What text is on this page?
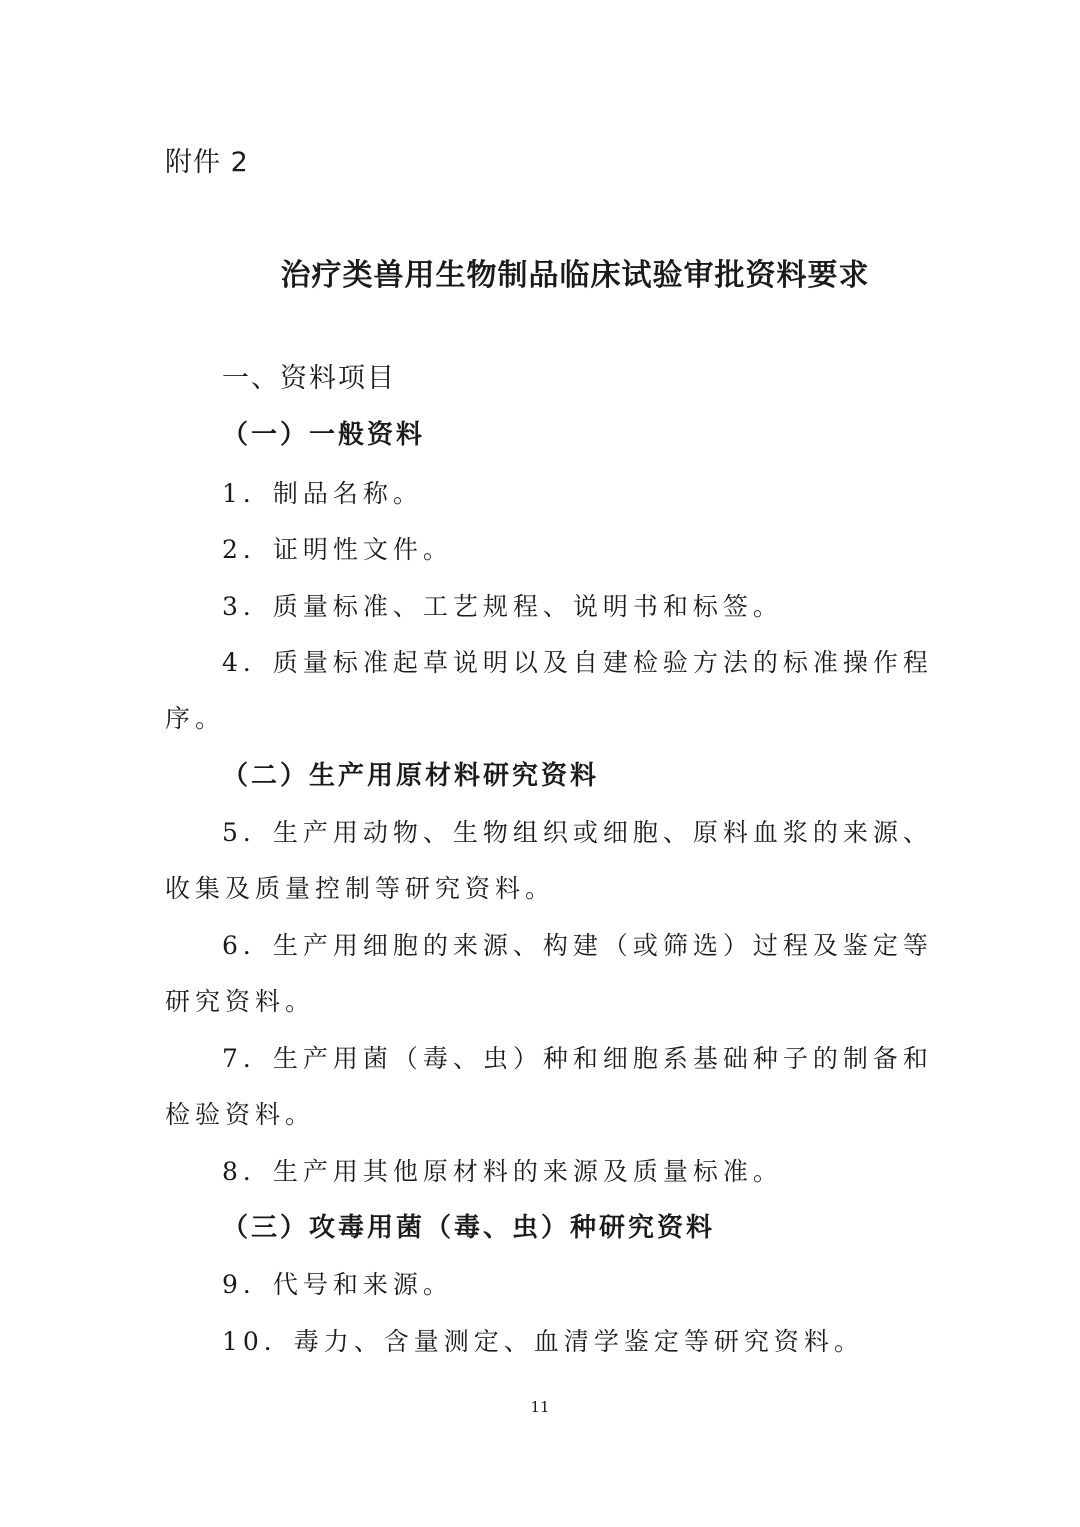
附件 2
治疗类兽用生物制品临床试验审批资料要求
一、资料项目
（一）一般资料
1．制品名称。
2．证明性文件。
3．质量标准、工艺规程、说明书和标签。
4．质量标准起草说明以及自建检验方法的标准操作程
序。
（二）生产用原材料研究资料
5．生产用动物、生物组织或细胞、原料血浆的来源、
收集及质量控制等研究资料。
6．生产用细胞的来源、构建（或筛选）过程及鉴定等
研究资料。
7．生产用菌（毒、虫）种和细胞系基础种子的制备和
检验资料。
8．生产用其他原材料的来源及质量标准。
（三）攻毒用菌（毒、虫）种研究资料
9．代号和来源。
10．毒力、含量测定、血清学鉴定等研究资料。
11
